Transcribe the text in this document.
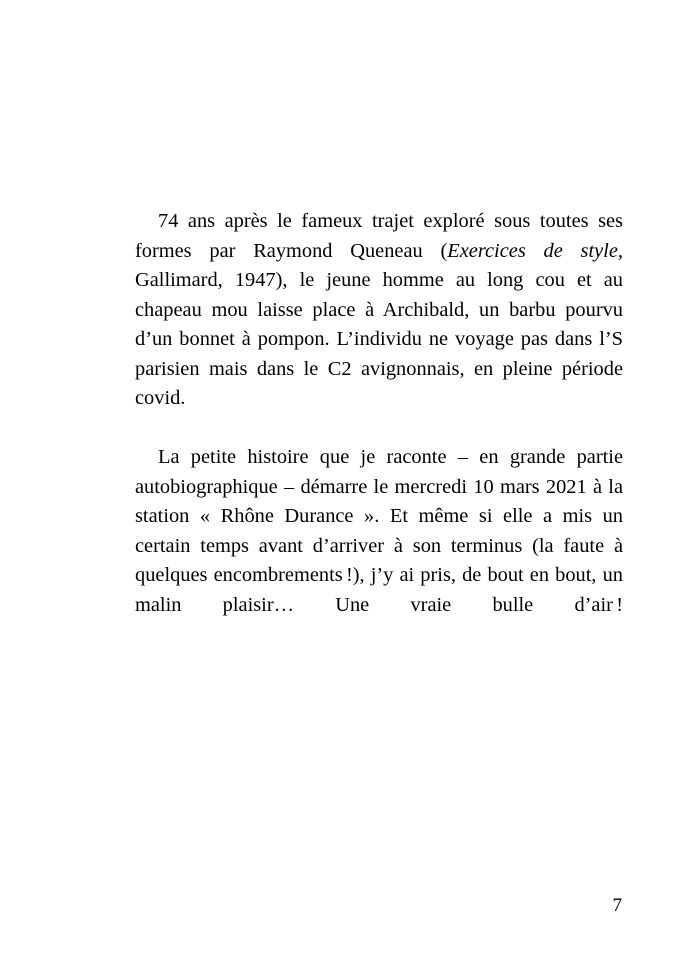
74 ans après le fameux trajet exploré sous toutes ses formes par Raymond Queneau (Exercices de style, Gallimard, 1947), le jeune homme au long cou et au chapeau mou laisse place à Archibald, un barbu pourvu d’un bonnet à pompon. L’individu ne voyage pas dans l’S parisien mais dans le C2 avignonnais, en pleine période covid.

La petite histoire que je raconte – en grande partie autobiographique – démarre le mercredi 10 mars 2021 à la station « Rhône Durance ». Et même si elle a mis un certain temps avant d’arriver à son terminus (la faute à quelques encombrements !), j’y ai pris, de bout en bout, un malin plaisir… Une vraie bulle d’air !

7
